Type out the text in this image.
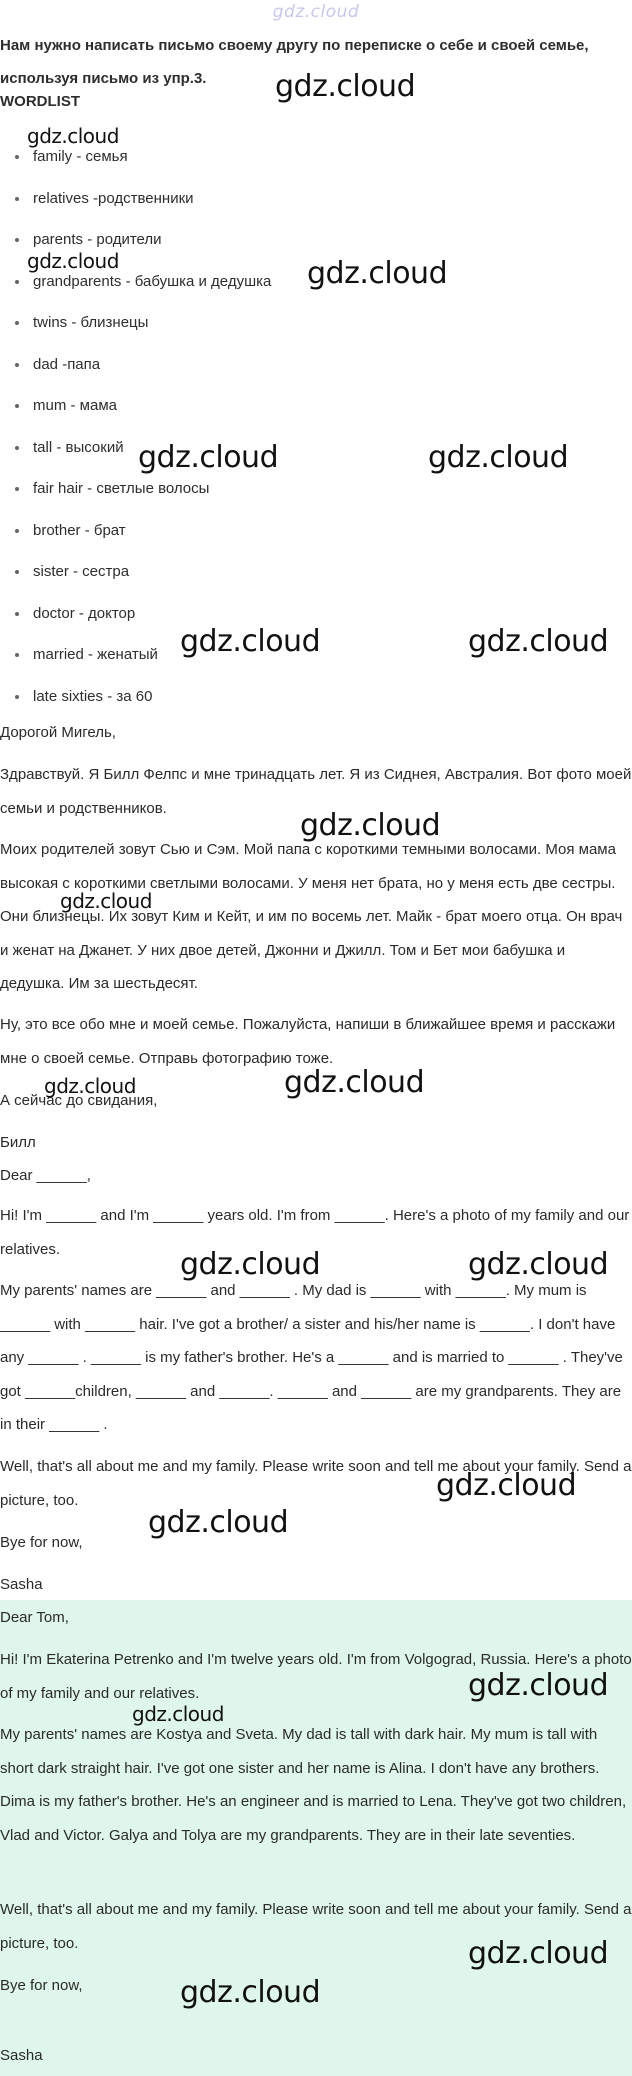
gdz.cloud
Нам нужно написать письмо своему другу по переписке о себе и своей семье, используя письмо из упр.3.
WORDLIST
family - семья
relatives -родственники
parents - родители
grandparents - бабушка и дедушка
twins - близнецы
dad -папа
mum - мама
tall - высокий
fair hair - светлые волосы
brother - брат
sister - сестра
doctor - доктор
married - женатый
late sixties - за 60
Дорогой Мигель,
Здравствуй. Я Билл Фелпс и мне тринадцать лет. Я из Сиднея, Австралия. Вот фото моей семьи и родственников.
Моих родителей зовут Сью и Сэм. Мой папа с короткими темными волосами. Моя мама высокая с короткими светлыми волосами. У меня нет брата, но у меня есть две сестры. Они близнецы. Их зовут Ким и Кейт, и им по восемь лет. Майк - брат моего отца. Он врач и женат на Джанет. У них двое детей, Джонни и Джилл. Том и Бет мои бабушка и дедушка. Им за шестьдесят.
Ну, это все обо мне и моей семье. Пожалуйста, напиши в ближайшее время и расскажи мне о своей семье. Отправь фотографию тоже.
А сейчас до свидания,
Билл
Dear ______,
Hi! I'm ______ and I'm ______ years old. I'm from ______. Here's a photo of my family and our relatives.
My parents' names are ______ and ______ . My dad is ______ with ______. My mum is ______ with ______ hair. I've got a brother/ a sister and his/her name is ______. I don't have any ______ . ______ is my father's brother. He's a ______ and is married to ______ . They've got ______children, ______ and ______. ______ and ______ are my grandparents. They are in their ______ .
Well, that's all about me and my family. Please write soon and tell me about your family. Send a picture, too.
Bye for now,
Sasha
Dear Tom,
Hi! I'm Ekaterina Petrenko and I'm twelve years old. I'm from Volgograd, Russia. Here's a photo of my family and our relatives.
My parents' names are Kostya and Sveta. My dad is tall with dark hair. My mum is tall with short dark straight hair. I've got one sister and her name is Alina. I don't have any brothers. Dima is my father's brother. He's an engineer and is married to Lena. They've got two children, Vlad and Victor. Galya and Tolya are my grandparents. They are in their late seventies.
Well, that's all about me and my family. Please write soon and tell me about your family. Send a picture, too.
Bye for now,
Sasha
gdz.cloud
gdz.cloud
gdz.cloud	gdz.cloud
gdz.cloud	gdz.cloud
gdz.cloud	gdz.cloud
gdz.cloud
gdz.cloud
gdz.cloud
gdz.cloud
gdz.cloud	gdz.cloud
gdz.cloud
gdz.cloud
gdz.cloud
gdz.cloud
gdz.cloud
gdz.cloud
